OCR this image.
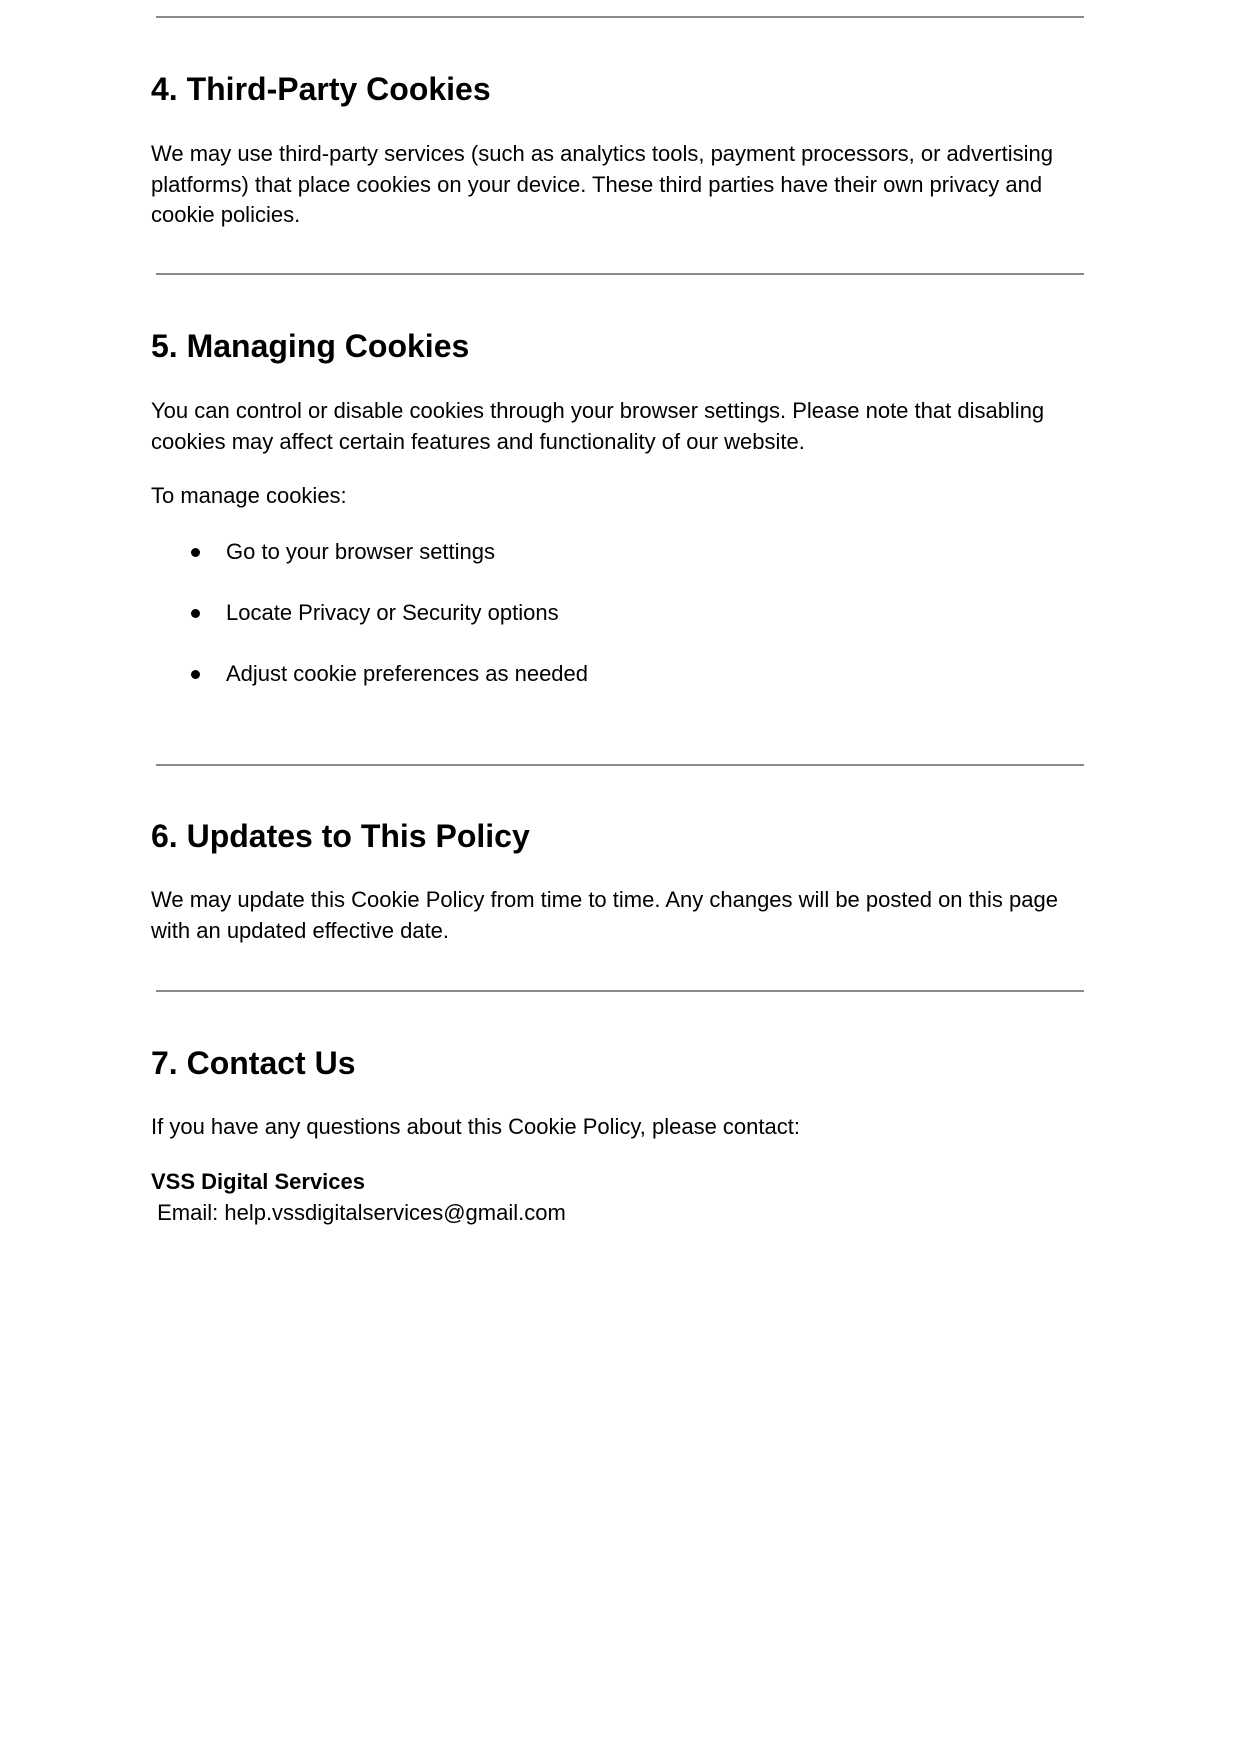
4. Third-Party Cookies

We may use third-party services (such as analytics tools, payment processors, or advertising platforms) that place cookies on your device. These third parties have their own privacy and cookie policies.

5. Managing Cookies

You can control or disable cookies through your browser settings. Please note that disabling cookies may affect certain features and functionality of our website.

To manage cookies:

Go to your browser settings
Locate Privacy or Security options
Adjust cookie preferences as needed
6. Updates to This Policy

We may update this Cookie Policy from time to time. Any changes will be posted on this page with an updated effective date.

7. Contact Us

If you have any questions about this Cookie Policy, please contact:

VSS Digital Services

Email: help.vssdigitalservices@gmail.com
